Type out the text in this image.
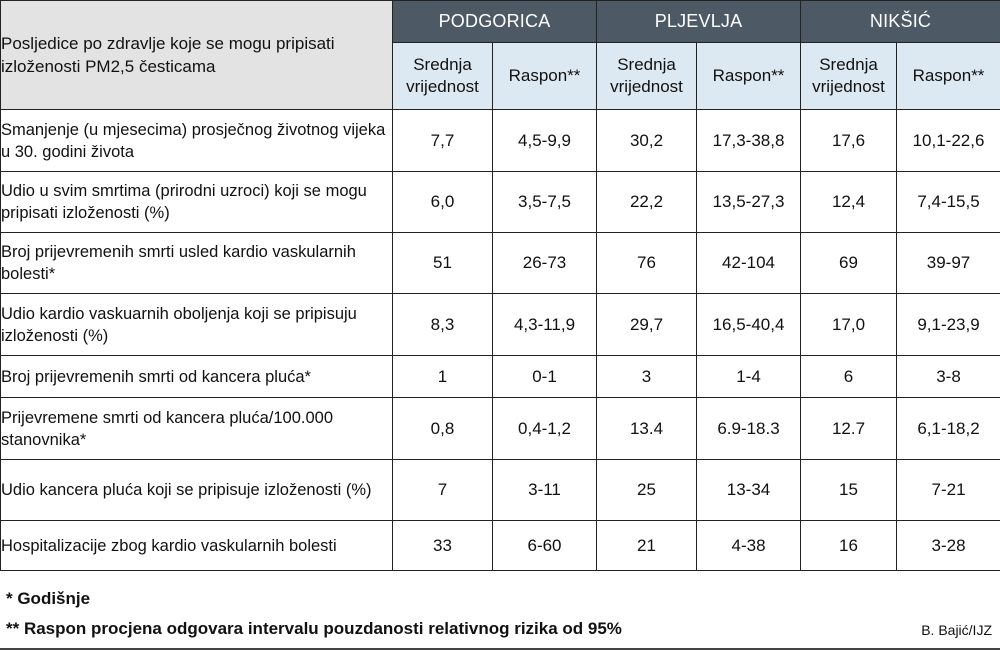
Posljedice po zdravlje koje se mogu pripisati izloženosti PM2,5 česticama	PODGORICA		PLJEVLJA		NIKŠIĆ	
	Srednja vrijednost	Raspon**	Srednja vrijednost	Raspon**	Srednja vrijednost	Raspon**
Smanjenje (u mjesecima) prosječnog životnog vijeka u 30. godini života	7,7	4,5-9,9	30,2	17,3-38,8	17,6	10,1-22,6
Udio u svim smrtima (prirodni uzroci) koji se mogu pripisati izloženosti (%)	6,0	3,5-7,5	22,2	13,5-27,3	12,4	7,4-15,5
Broj prijevremenih smrti usled kardio vaskularnih bolesti*	51	26-73	76	42-104	69	39-97
Udio kardio vaskuarnih oboljenja koji se pripisuju izloženosti (%)	8,3	4,3-11,9	29,7	16,5-40,4	17,0	9,1-23,9
Broj prijevremenih smrti od kancera pluća*	1	0-1	3	1-4	6	3-8
Prijevremene smrti od kancera pluća/100.000 stanovnika*	0,8	0,4-1,2	13.4	6.9-18.3	12.7	6,1-18,2
Udio kancera pluća koji se pripisuje izloženosti (%)	7	3-11	25	13-34	15	7-21
Hospitalizacije zbog kardio vaskularnih bolesti	33	6-60	21	4-38	16	3-28
* Godišnje
** Raspon procjena odgovara intervalu pouzdanosti relativnog rizika od 95%	B. Bajić/IJZ
